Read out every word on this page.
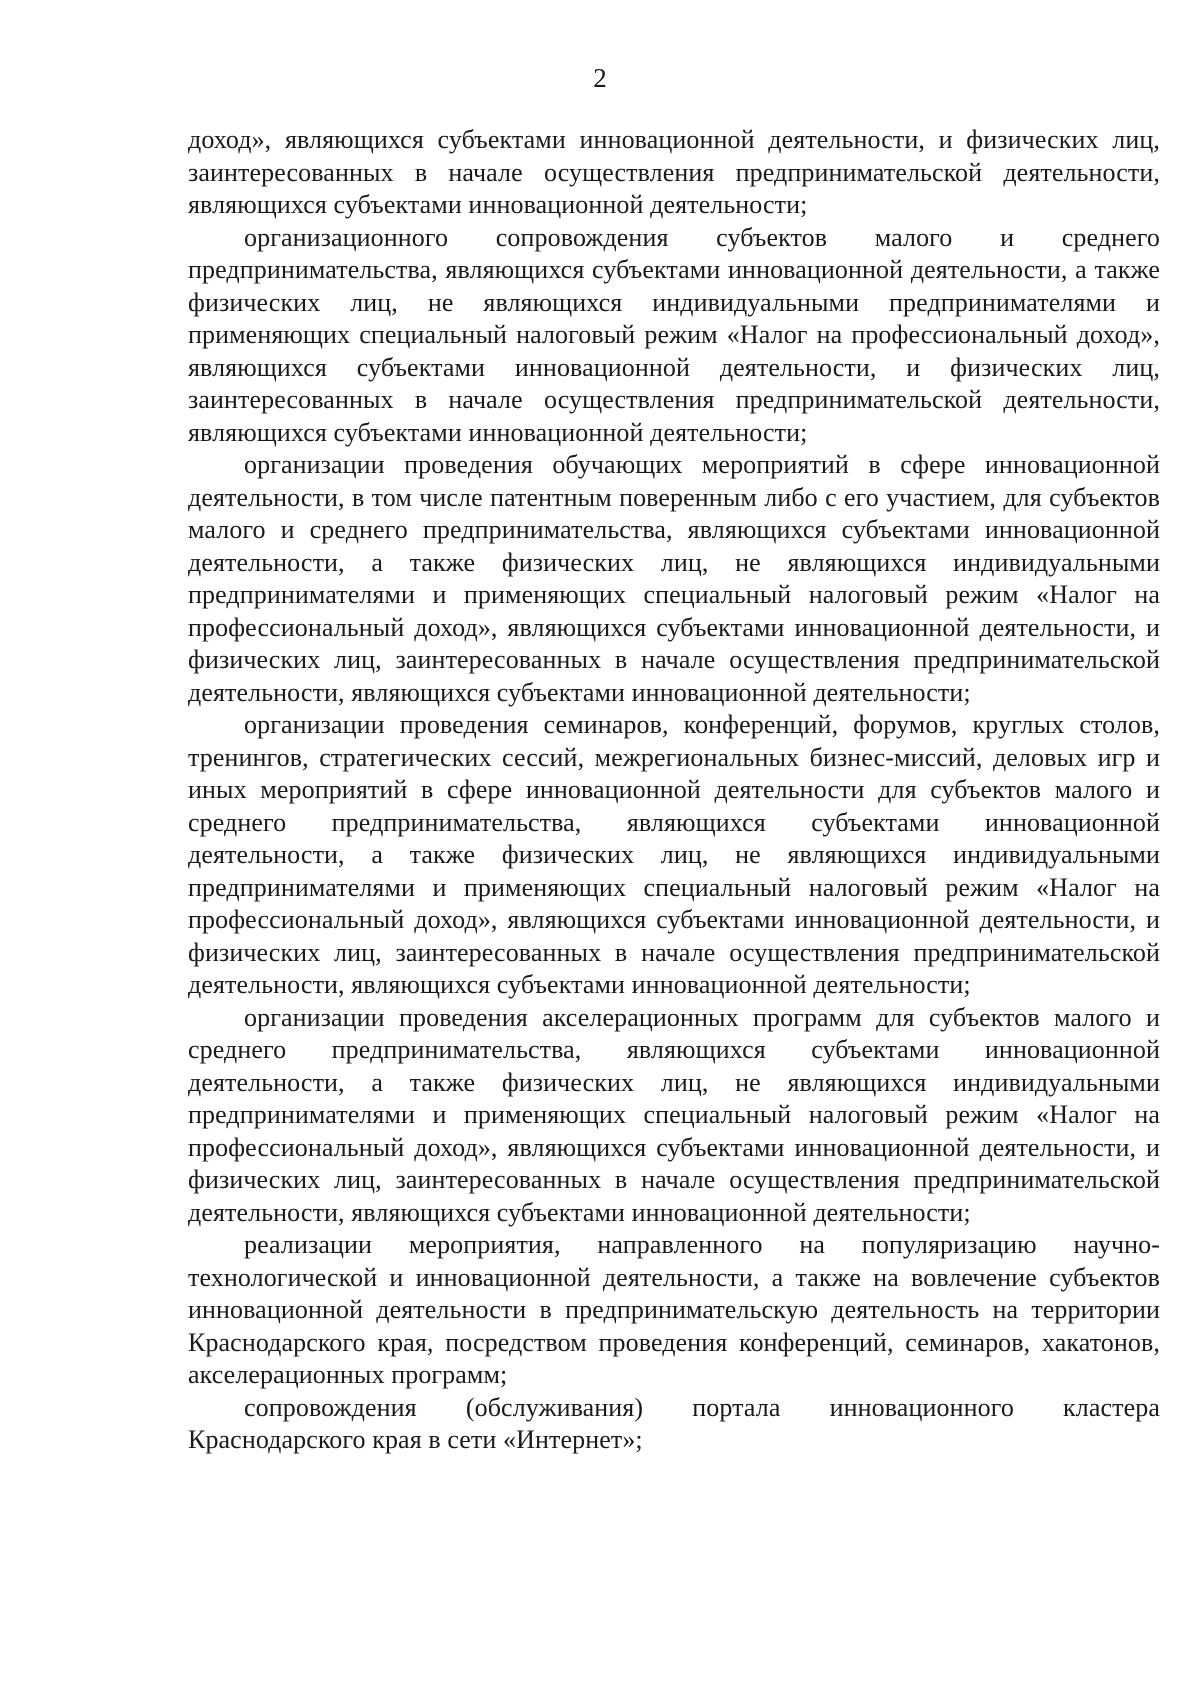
2

доход», являющихся субъектами инновационной деятельности, и физических лиц, заинтересованных в начале осуществления предпринимательской деятельности, являющихся субъектами инновационной деятельности;

организационного сопровождения субъектов малого и среднего предпринимательства, являющихся субъектами инновационной деятельности, а также физических лиц, не являющихся индивидуальными предпринимателями и применяющих специальный налоговый режим «Налог на профессиональный доход», являющихся субъектами инновационной деятельности, и физических лиц, заинтересованных в начале осуществления предпринимательской деятельности, являющихся субъектами инновационной деятельности;

организации проведения обучающих мероприятий в сфере инновационной деятельности, в том числе патентным поверенным либо с его участием, для субъектов малого и среднего предпринимательства, являющихся субъектами инновационной деятельности, а также физических лиц, не являющихся индивидуальными предпринимателями и применяющих специальный налоговый режим «Налог на профессиональный доход», являющихся субъектами инновационной деятельности, и физических лиц, заинтересованных в начале осуществления предпринимательской деятельности, являющихся субъектами инновационной деятельности;

организации проведения семинаров, конференций, форумов, круглых столов, тренингов, стратегических сессий, межрегиональных бизнес-миссий, деловых игр и иных мероприятий в сфере инновационной деятельности для субъектов малого и среднего предпринимательства, являющихся субъектами инновационной деятельности, а также физических лиц, не являющихся индивидуальными предпринимателями и применяющих специальный налоговый режим «Налог на профессиональный доход», являющихся субъектами инновационной деятельности, и физических лиц, заинтересованных в начале осуществления предпринимательской деятельности, являющихся субъектами инновационной деятельности;

организации проведения акселерационных программ для субъектов малого и среднего предпринимательства, являющихся субъектами инновационной деятельности, а также физических лиц, не являющихся индивидуальными предпринимателями и применяющих специальный налоговый режим «Налог на профессиональный доход», являющихся субъектами инновационной деятельности, и физических лиц, заинтересованных в начале осуществления предпринимательской деятельности, являющихся субъектами инновационной деятельности;

реализации мероприятия, направленного на популяризацию научно-технологической и инновационной деятельности, а также на вовлечение субъектов инновационной деятельности в предпринимательскую деятельность на территории Краснодарского края, посредством проведения конференций, семинаров, хакатонов, акселерационных программ;

сопровождения (обслуживания) портала инновационного кластера Краснодарского края в сети «Интернет»;
